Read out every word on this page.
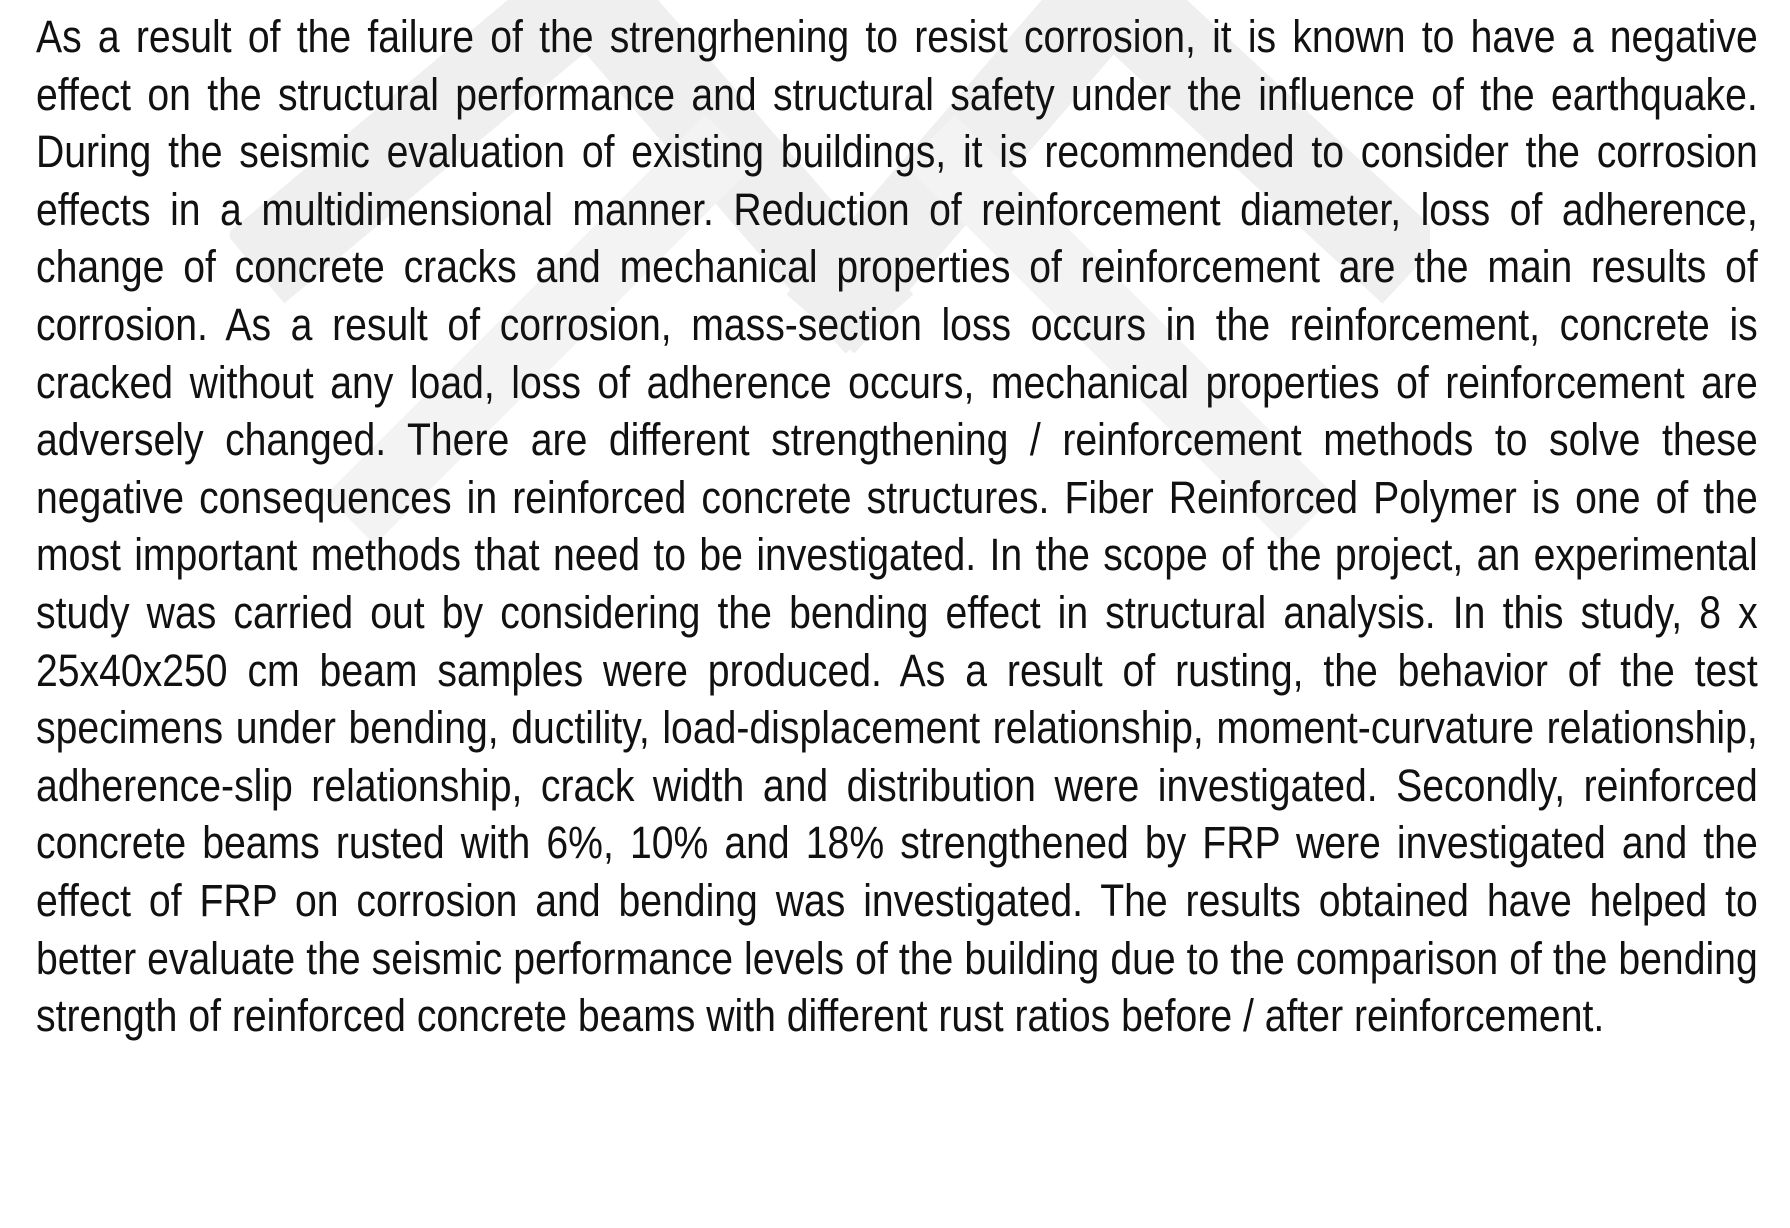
As a result of the failure of the strengrhening to resist corrosion, it is known to have a negative effect on the structural performance and structural safety under the influence of the earthquake. During the seismic evaluation of existing buildings, it is recommended to consider the corrosion effects in a multidimensional manner. Reduction of reinforcement diameter, loss of adherence, change of concrete cracks and mechanical properties of reinforcement are the main results of corrosion. As a result of corrosion, mass-section loss occurs in the reinforcement, concrete is cracked without any load, loss of adherence occurs, mechanical properties of reinforcement are adversely changed. There are different strengthening / reinforcement methods to solve these negative consequences in reinforced concrete structures. Fiber Reinforced Polymer is one of the most important methods that need to be investigated. In the scope of the project, an experimental study was carried out by considering the bending effect in structural analysis. In this study, 8 x 25x40x250 cm beam samples were produced. As a result of rusting, the behavior of the test specimens under bending, ductility, load-displacement relationship, moment-curvature relationship, adherence-slip relationship, crack width and distribution were investigated. Secondly, reinforced concrete beams rusted with 6%, 10% and 18% strengthened by FRP were investigated and the effect of FRP on corrosion and bending was investigated. The results obtained have helped to better evaluate the seismic performance levels of the building due to the comparison of the bending strength of reinforced concrete beams with different rust ratios before / after reinforcement.
